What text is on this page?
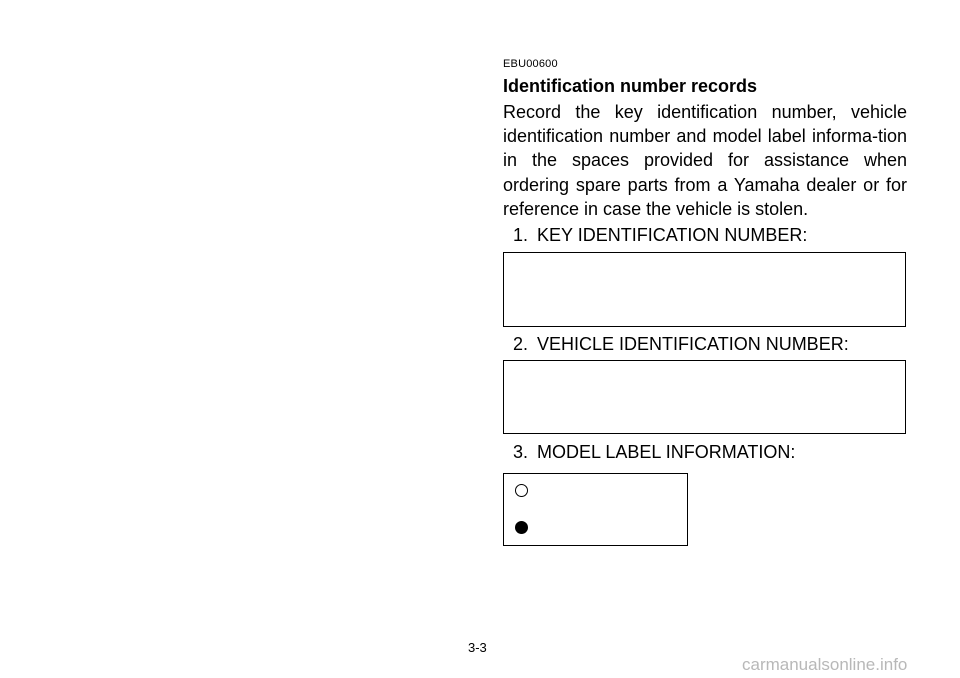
EBU00600
Identification number records

Record the key identification number, vehicle identification number and model label informa-tion in the spaces provided for assistance when ordering spare parts from a Yamaha dealer or for reference in case the vehicle is stolen.

1. KEY IDENTIFICATION NUMBER:
2. VEHICLE IDENTIFICATION NUMBER:
3. MODEL LABEL INFORMATION:
3-3
carmanualsonline.info
